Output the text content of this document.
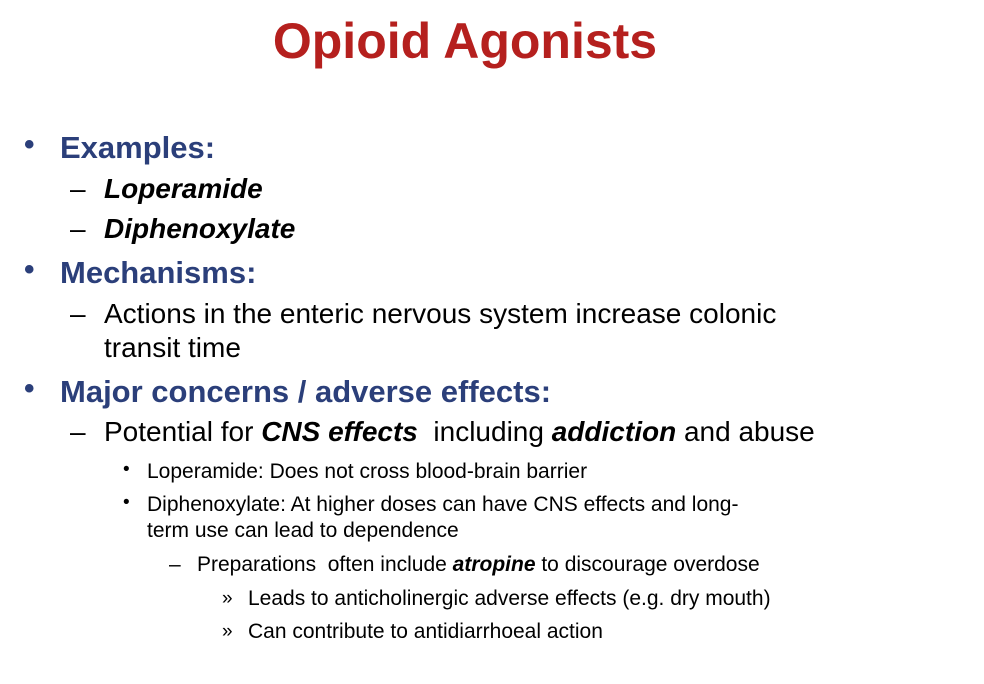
Opioid Agonists
• Examples:
– Loperamide
– Diphenoxylate
• Mechanisms:
– Actions in the enteric nervous system increase colonic
transit time
• Major concerns / adverse effects:
– Potential for CNS effects  including addiction and abuse
• Loperamide: Does not cross blood-brain barrier
• Diphenoxylate: At higher doses can have CNS effects and long-
term use can lead to dependence
– Preparations  often include atropine to discourage overdose
» Leads to anticholinergic adverse effects (e.g. dry mouth)
» Can contribute to antidiarrhoeal action
